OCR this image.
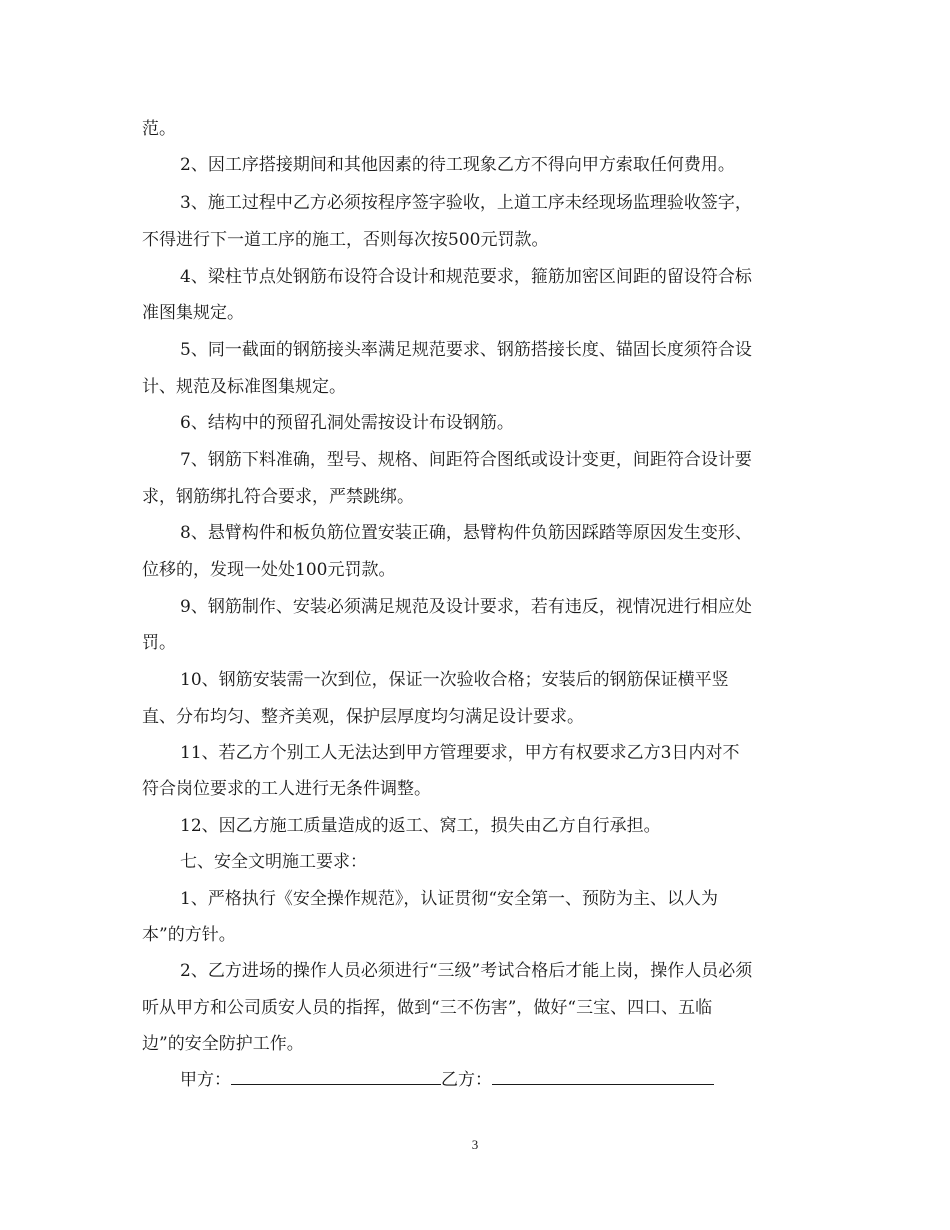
范。
2、因工序搭接期间和其他因素的待工现象乙方不得向甲方索取任何费用。
3、施工过程中乙方必须按程序签字验收，上道工序未经现场监理验收签字，
不得进行下一道工序的施工，否则每次按500元罚款。
4、梁柱节点处钢筋布设符合设计和规范要求，箍筋加密区间距的留设符合标
准图集规定。
5、同一截面的钢筋接头率满足规范要求、钢筋搭接长度、锚固长度须符合设
计、规范及标准图集规定。
6、结构中的预留孔洞处需按设计布设钢筋。
7、钢筋下料准确，型号、规格、间距符合图纸或设计变更，间距符合设计要
求，钢筋绑扎符合要求，严禁跳绑。
8、悬臂构件和板负筋位置安装正确，悬臂构件负筋因踩踏等原因发生变形、
位移的，发现一处处100元罚款。
9、钢筋制作、安装必须满足规范及设计要求，若有违反，视情况进行相应处
罚。
10、钢筋安装需一次到位，保证一次验收合格；安装后的钢筋保证横平竖
直、分布均匀、整齐美观，保护层厚度均匀满足设计要求。
11、若乙方个别工人无法达到甲方管理要求，甲方有权要求乙方3日内对不
符合岗位要求的工人进行无条件调整。
12、因乙方施工质量造成的返工、窝工，损失由乙方自行承担。
七、安全文明施工要求：
1、严格执行《安全操作规范》，认证贯彻“安全第一、预防为主、以人为
本”的方针。
2、乙方进场的操作人员必须进行“三级”考试合格后才能上岗，操作人员必须
听从甲方和公司质安人员的指挥，做到“三不伤害”，做好“三宝、四口、五临
边”的安全防护工作。
甲方：	乙方：
3
